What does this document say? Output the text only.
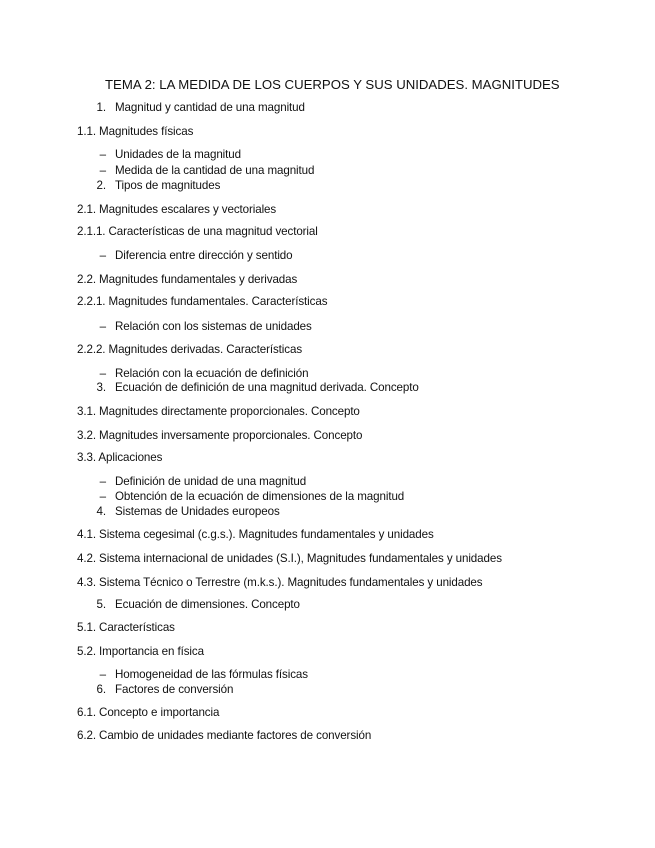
TEMA 2: LA MEDIDA DE LOS CUERPOS Y SUS UNIDADES. MAGNITUDES
1. Magnitud y cantidad de una magnitud
1.1. Magnitudes físicas
– Unidades de la magnitud
– Medida de la cantidad de una magnitud
2. Tipos de magnitudes
2.1. Magnitudes escalares y vectoriales
2.1.1. Características de una magnitud vectorial
– Diferencia entre dirección y sentido
2.2. Magnitudes fundamentales y derivadas
2.2.1. Magnitudes fundamentales. Características
– Relación con los sistemas de unidades
2.2.2. Magnitudes derivadas. Características
– Relación con la ecuación de definición
3. Ecuación de definición de una magnitud derivada. Concepto
3.1. Magnitudes directamente proporcionales. Concepto
3.2. Magnitudes inversamente proporcionales. Concepto
3.3. Aplicaciones
– Definición de unidad de una magnitud
– Obtención de la ecuación de dimensiones de la magnitud
4. Sistemas de Unidades europeos
4.1. Sistema cegesimal (c.g.s.). Magnitudes fundamentales y unidades
4.2. Sistema internacional de unidades (S.I.), Magnitudes fundamentales y unidades
4.3. Sistema Técnico o Terrestre (m.k.s.). Magnitudes fundamentales y unidades
5. Ecuación de dimensiones. Concepto
5.1. Características
5.2. Importancia en física
– Homogeneidad de las fórmulas físicas
6. Factores de conversión
6.1. Concepto e importancia
6.2. Cambio de unidades mediante factores de conversión
